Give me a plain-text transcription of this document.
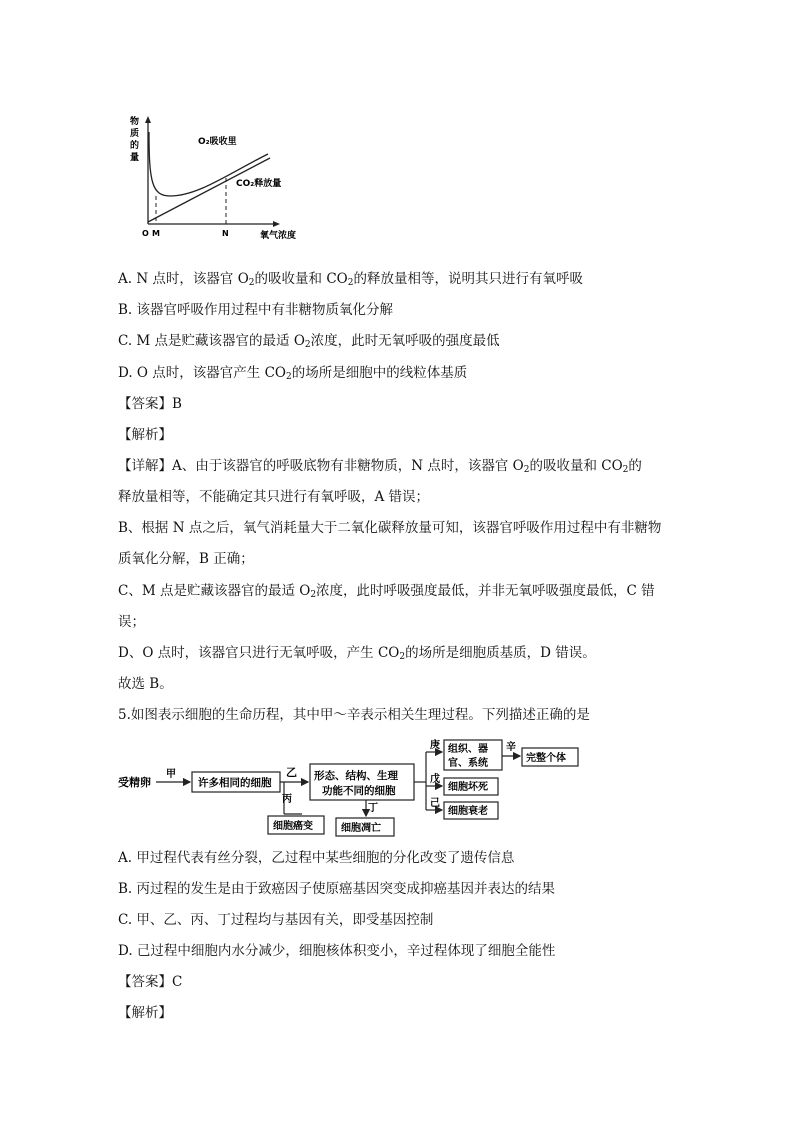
物
质
的
量
O M	N	氧气浓度
O₂吸收里
CO₂释放量
A. N 点时，该器官 $O_2$的吸收量和 $CO_2$的释放量相等，说明其只进行有氧呼吸
B. 该器官呼吸作用过程中有非糖物质氧化分解
C. M 点是贮藏该器官的最适 $O_2$浓度，此时无氧呼吸的强度最低
D. O 点时，该器官产生 $CO_2$的场所是细胞中的线粒体基质
【答案】B
【解析】
【详解】A、由于该器官的呼吸底物有非糖物质，N 点时，该器官 $O_2$的吸收量和 $CO_2$的
释放量相等，不能确定其只进行有氧呼吸，A 错误；
B、根据 N 点之后，氧气消耗量大于二氧化碳释放量可知，该器官呼吸作用过程中有非糖物
质氧化分解，B 正确；
C、M 点是贮藏该器官的最适 $O_2$浓度，此时呼吸强度最低，并非无氧呼吸强度最低，C 错
误；
D、O 点时，该器官只进行无氧呼吸，产生 $CO_2$的场所是细胞质基质，D 错误。
故选 B。
5.如图表示细胞的生命历程，其中甲～辛表示相关生理过程。下列描述正确的是
受精卵
甲
许多相同的细胞
乙
丙
细胞癌变
形态、结构、生理
功能不同的细胞
丁
细胞凋亡
庚
戊
己
组织、器
官、系统
辛
完整个体
细胞坏死
细胞衰老
A. 甲过程代表有丝分裂，乙过程中某些细胞的分化改变了遗传信息
B. 丙过程的发生是由于致癌因子使原癌基因突变成抑癌基因并表达的结果
C. 甲、乙、丙、丁过程均与基因有关，即受基因控制
D. 己过程中细胞内水分减少，细胞核体积变小，辛过程体现了细胞全能性
【答案】C
【解析】
